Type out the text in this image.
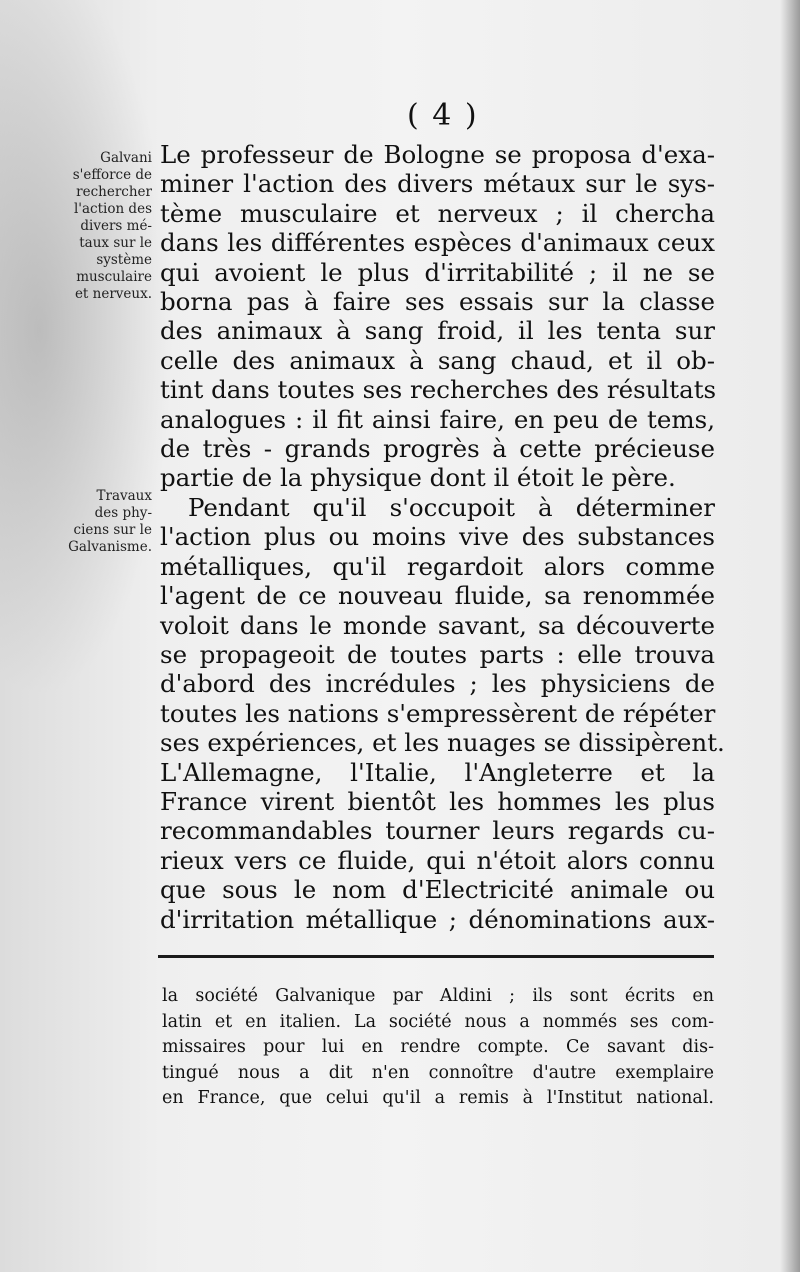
( 4 )
Galvani
s'efforce de
rechercher
l'action des
divers mé-
taux sur le
système
musculaire
et nerveux.
Travaux
des phy-
ciens sur le
Galvanisme.
Le professeur de Bologne se proposa d'exa-
miner l'action des divers métaux sur le sys-
tème musculaire et nerveux ; il chercha
dans les différentes espèces d'animaux ceux
qui avoient le plus d'irritabilité ; il ne se
borna pas à faire ses essais sur la classe
des animaux à sang froid, il les tenta sur
celle des animaux à sang chaud, et il ob-
tint dans toutes ses recherches des résultats
analogues : il fit ainsi faire, en peu de tems,
de très - grands progrès à cette précieuse
partie de la physique dont il étoit le père.
Pendant qu'il s'occupoit à déterminer
l'action plus ou moins vive des substances
métalliques, qu'il regardoit alors comme
l'agent de ce nouveau fluide, sa renommée
voloit dans le monde savant, sa découverte
se propageoit de toutes parts : elle trouva
d'abord des incrédules ; les physiciens de
toutes les nations s'empressèrent de répéter
ses expériences, et les nuages se dissipèrent.
L'Allemagne, l'Italie, l'Angleterre et la
France virent bientôt les hommes les plus
recommandables tourner leurs regards cu-
rieux vers ce fluide, qui n'étoit alors connu
que sous le nom d'Electricité animale ou
d'irritation métallique ; dénominations aux-
la société Galvanique par Aldini ; ils sont écrits en
latin et en italien. La société nous a nommés ses com-
missaires pour lui en rendre compte. Ce savant dis-
tingué nous a dit n'en connoître d'autre exemplaire
en France, que celui qu'il a remis à l'Institut national.
